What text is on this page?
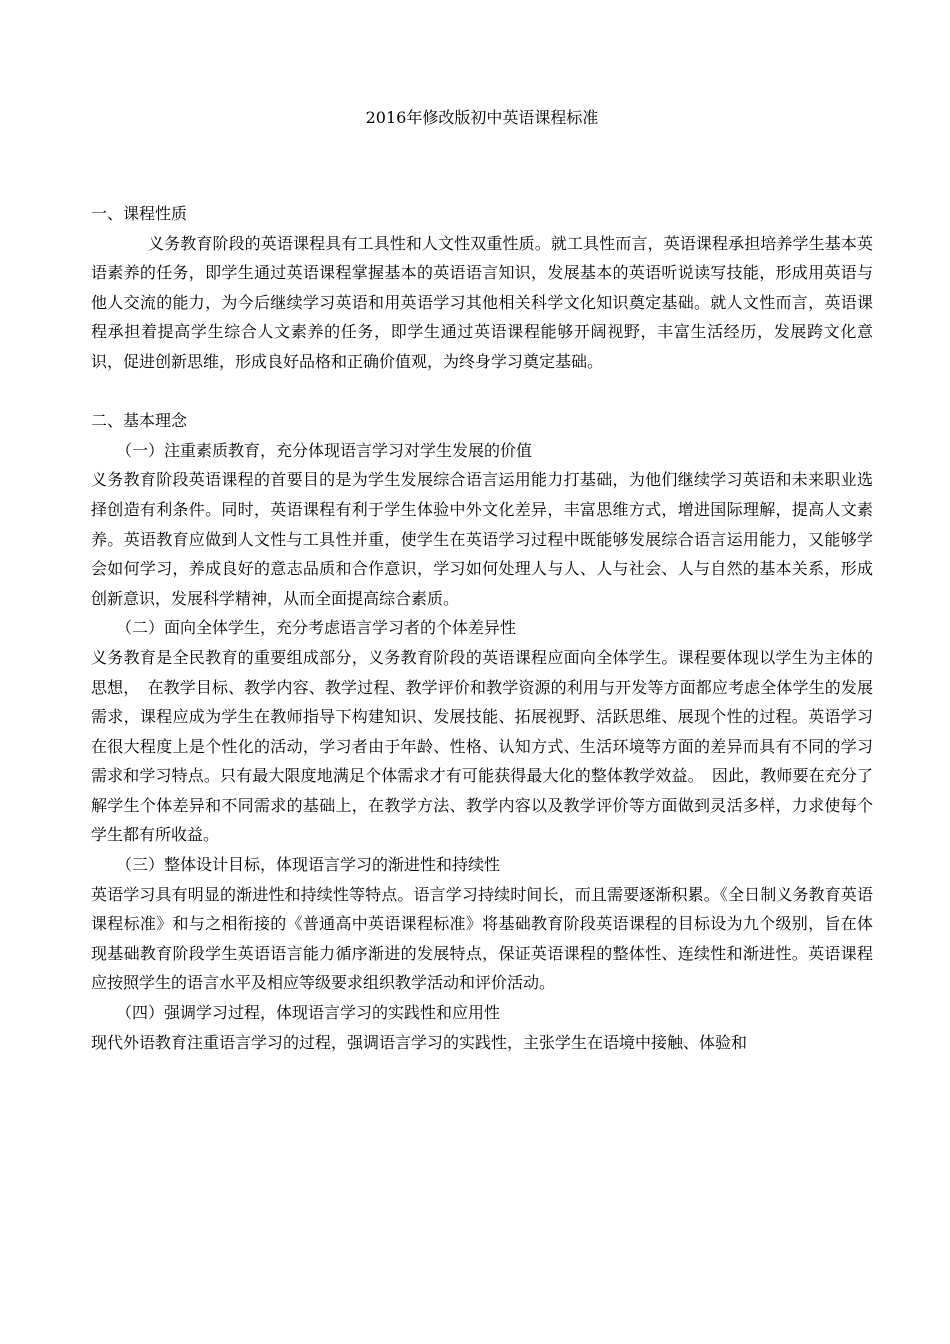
2016年修改版初中英语课程标准

一、课程性质

义务教育阶段的英语课程具有工具性和人文性双重性质。就工具性而言，英语课程承担培养学生基本英语素养的任务，即学生通过英语课程掌握基本的英语语言知识，发展基本的英语听说读写技能，形成用英语与他人交流的能力，为今后继续学习英语和用英语学习其他相关科学文化知识奠定基础。就人文性而言，英语课程承担着提高学生综合人文素养的任务，即学生通过英语课程能够开阔视野，丰富生活经历，发展跨文化意识，促进创新思维，形成良好品格和正确价值观，为终身学习奠定基础。

二、基本理念

（一）注重素质教育，充分体现语言学习对学生发展的价值

义务教育阶段英语课程的首要目的是为学生发展综合语言运用能力打基础，为他们继续学习英语和未来职业选择创造有利条件。同时，英语课程有利于学生体验中外文化差异，丰富思维方式，增进国际理解，提高人文素养。英语教育应做到人文性与工具性并重，使学生在英语学习过程中既能够发展综合语言运用能力，又能够学会如何学习，养成良好的意志品质和合作意识，学习如何处理人与人、人与社会、人与自然的基本关系，形成创新意识，发展科学精神，从而全面提高综合素质。

（二）面向全体学生，充分考虑语言学习者的个体差异性

义务教育是全民教育的重要组成部分，义务教育阶段的英语课程应面向全体学生。课程要体现以学生为主体的思想，　在教学目标、教学内容、教学过程、教学评价和教学资源的利用与开发等方面都应考虑全体学生的发展需求，课程应成为学生在教师指导下构建知识、发展技能、拓展视野、活跃思维、展现个性的过程。英语学习在很大程度上是个性化的活动，学习者由于年龄、性格、认知方式、生活环境等方面的差异而具有不同的学习需求和学习特点。只有最大限度地满足个体需求才有可能获得最大化的整体教学效益。　因此，教师要在充分了解学生个体差异和不同需求的基础上，在教学方法、教学内容以及教学评价等方面做到灵活多样，力求使每个学生都有所收益。

（三）整体设计目标，体现语言学习的渐进性和持续性

英语学习具有明显的渐进性和持续性等特点。语言学习持续时间长，而且需要逐渐积累。《全日制义务教育英语课程标准》和与之相衔接的《普通高中英语课程标准》将基础教育阶段英语课程的目标设为九个级别，旨在体现基础教育阶段学生英语语言能力循序渐进的发展特点，保证英语课程的整体性、连续性和渐进性。英语课程应按照学生的语言水平及相应等级要求组织教学活动和评价活动。

（四）强调学习过程，体现语言学习的实践性和应用性

现代外语教育注重语言学习的过程，强调语言学习的实践性，主张学生在语境中接触、体验和
